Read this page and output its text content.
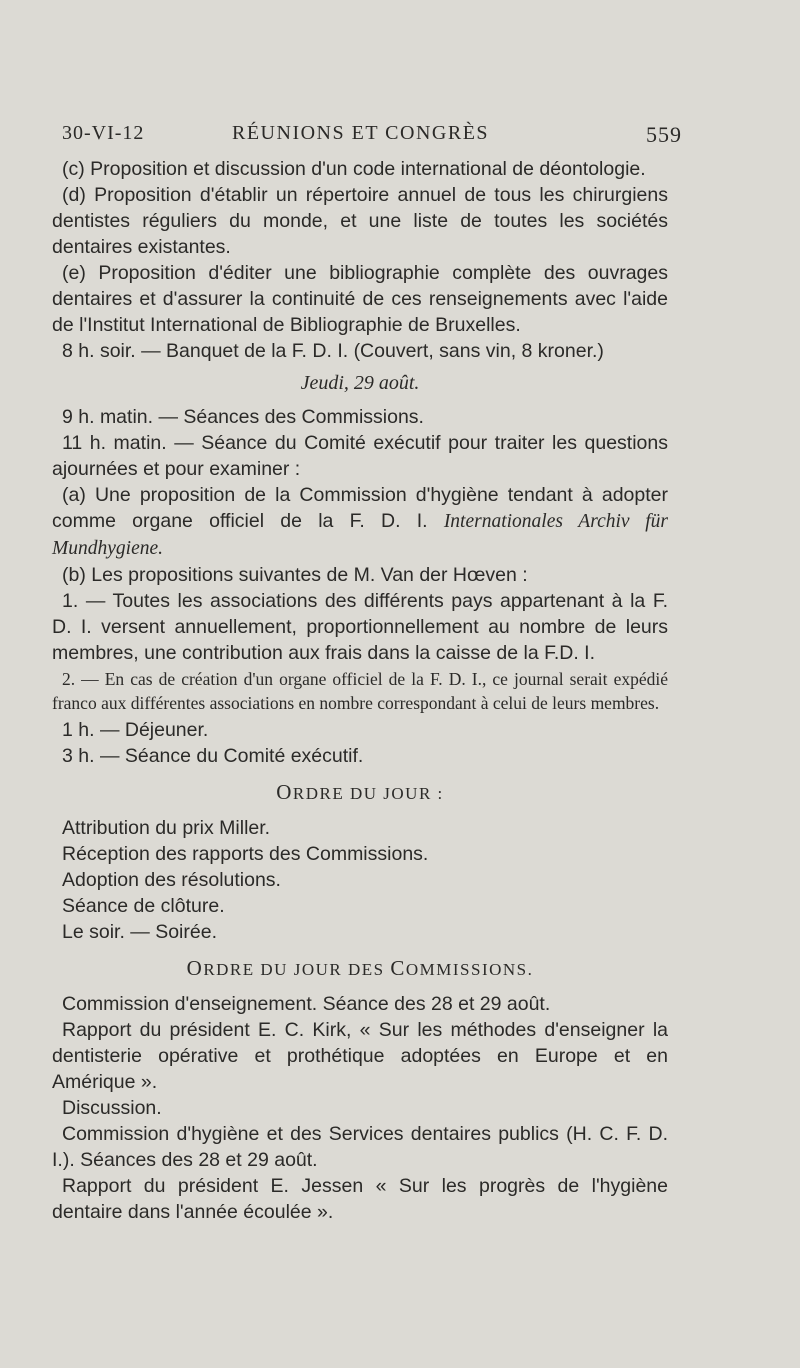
30-VI-12	RÉUNIONS ET CONGRÈS	559

(c) Proposition et discussion d'un code international de déontologie.

(d) Proposition d'établir un répertoire annuel de tous les chirurgiens dentistes réguliers du monde, et une liste de toutes les sociétés dentaires existantes.

(e) Proposition d'éditer une bibliographie complète des ouvrages dentaires et d'assurer la continuité de ces renseignements avec l'aide de l'Institut International de Bibliographie de Bruxelles.

8 h. soir. — Banquet de la F. D. I. (Couvert, sans vin, 8 kroner.)

Jeudi, 29 août.

9 h. matin. — Séances des Commissions.

11 h. matin. — Séance du Comité exécutif pour traiter les questions ajournées et pour examiner :

(a) Une proposition de la Commission d'hygiène tendant à adopter comme organe officiel de la F. D. I. Internationales Archiv für Mundhygiene.

(b) Les propositions suivantes de M. Van der Hœven :

1. — Toutes les associations des différents pays appartenant à la F. D. I. versent annuellement, proportionnellement au nombre de leurs membres, une contribution aux frais dans la caisse de la F.D. I.

2. — En cas de création d'un organe officiel de la F. D. I., ce journal serait expédié franco aux différentes associations en nombre correspondant à celui de leurs membres.

1 h. — Déjeuner.

3 h. — Séance du Comité exécutif.

ORDRE DU JOUR :

Attribution du prix Miller.

Réception des rapports des Commissions.

Adoption des résolutions.

Séance de clôture.

Le soir. — Soirée.

ORDRE DU JOUR DES COMMISSIONS.

Commission d'enseignement. Séance des 28 et 29 août.

Rapport du président E. C. Kirk, « Sur les méthodes d'enseigner la dentisterie opérative et prothétique adoptées en Europe et en Amérique ».

Discussion.

Commission d'hygiène et des Services dentaires publics (H. C. F. D. I.). Séances des 28 et 29 août.

Rapport du président E. Jessen « Sur les progrès de l'hygiène dentaire dans l'année écoulée ».
